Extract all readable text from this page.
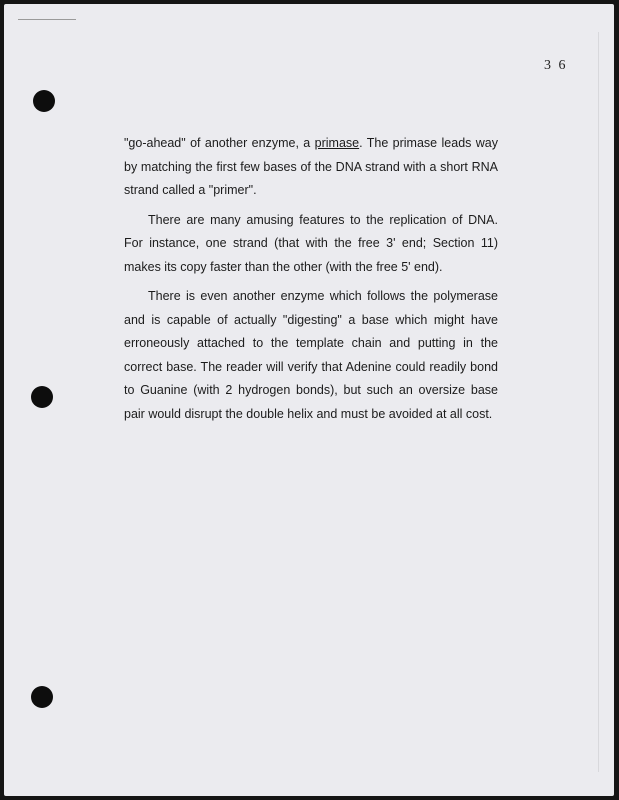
3 6

"go-ahead" of another enzyme, a primase. The primase leads way by matching the first few bases of the DNA strand with a short RNA strand called a "primer".

There are many amusing features to the replication of DNA. For instance, one strand (that with the free 3' end; Section 11) makes its copy faster than the other (with the free 5' end).

There is even another enzyme which follows the polymerase and is capable of actually "digesting" a base which might have erroneously attached to the template chain and putting in the correct base. The reader will verify that Adenine could readily bond to Guanine (with 2 hydrogen bonds), but such an oversize base pair would disrupt the double helix and must be avoided at all cost.
